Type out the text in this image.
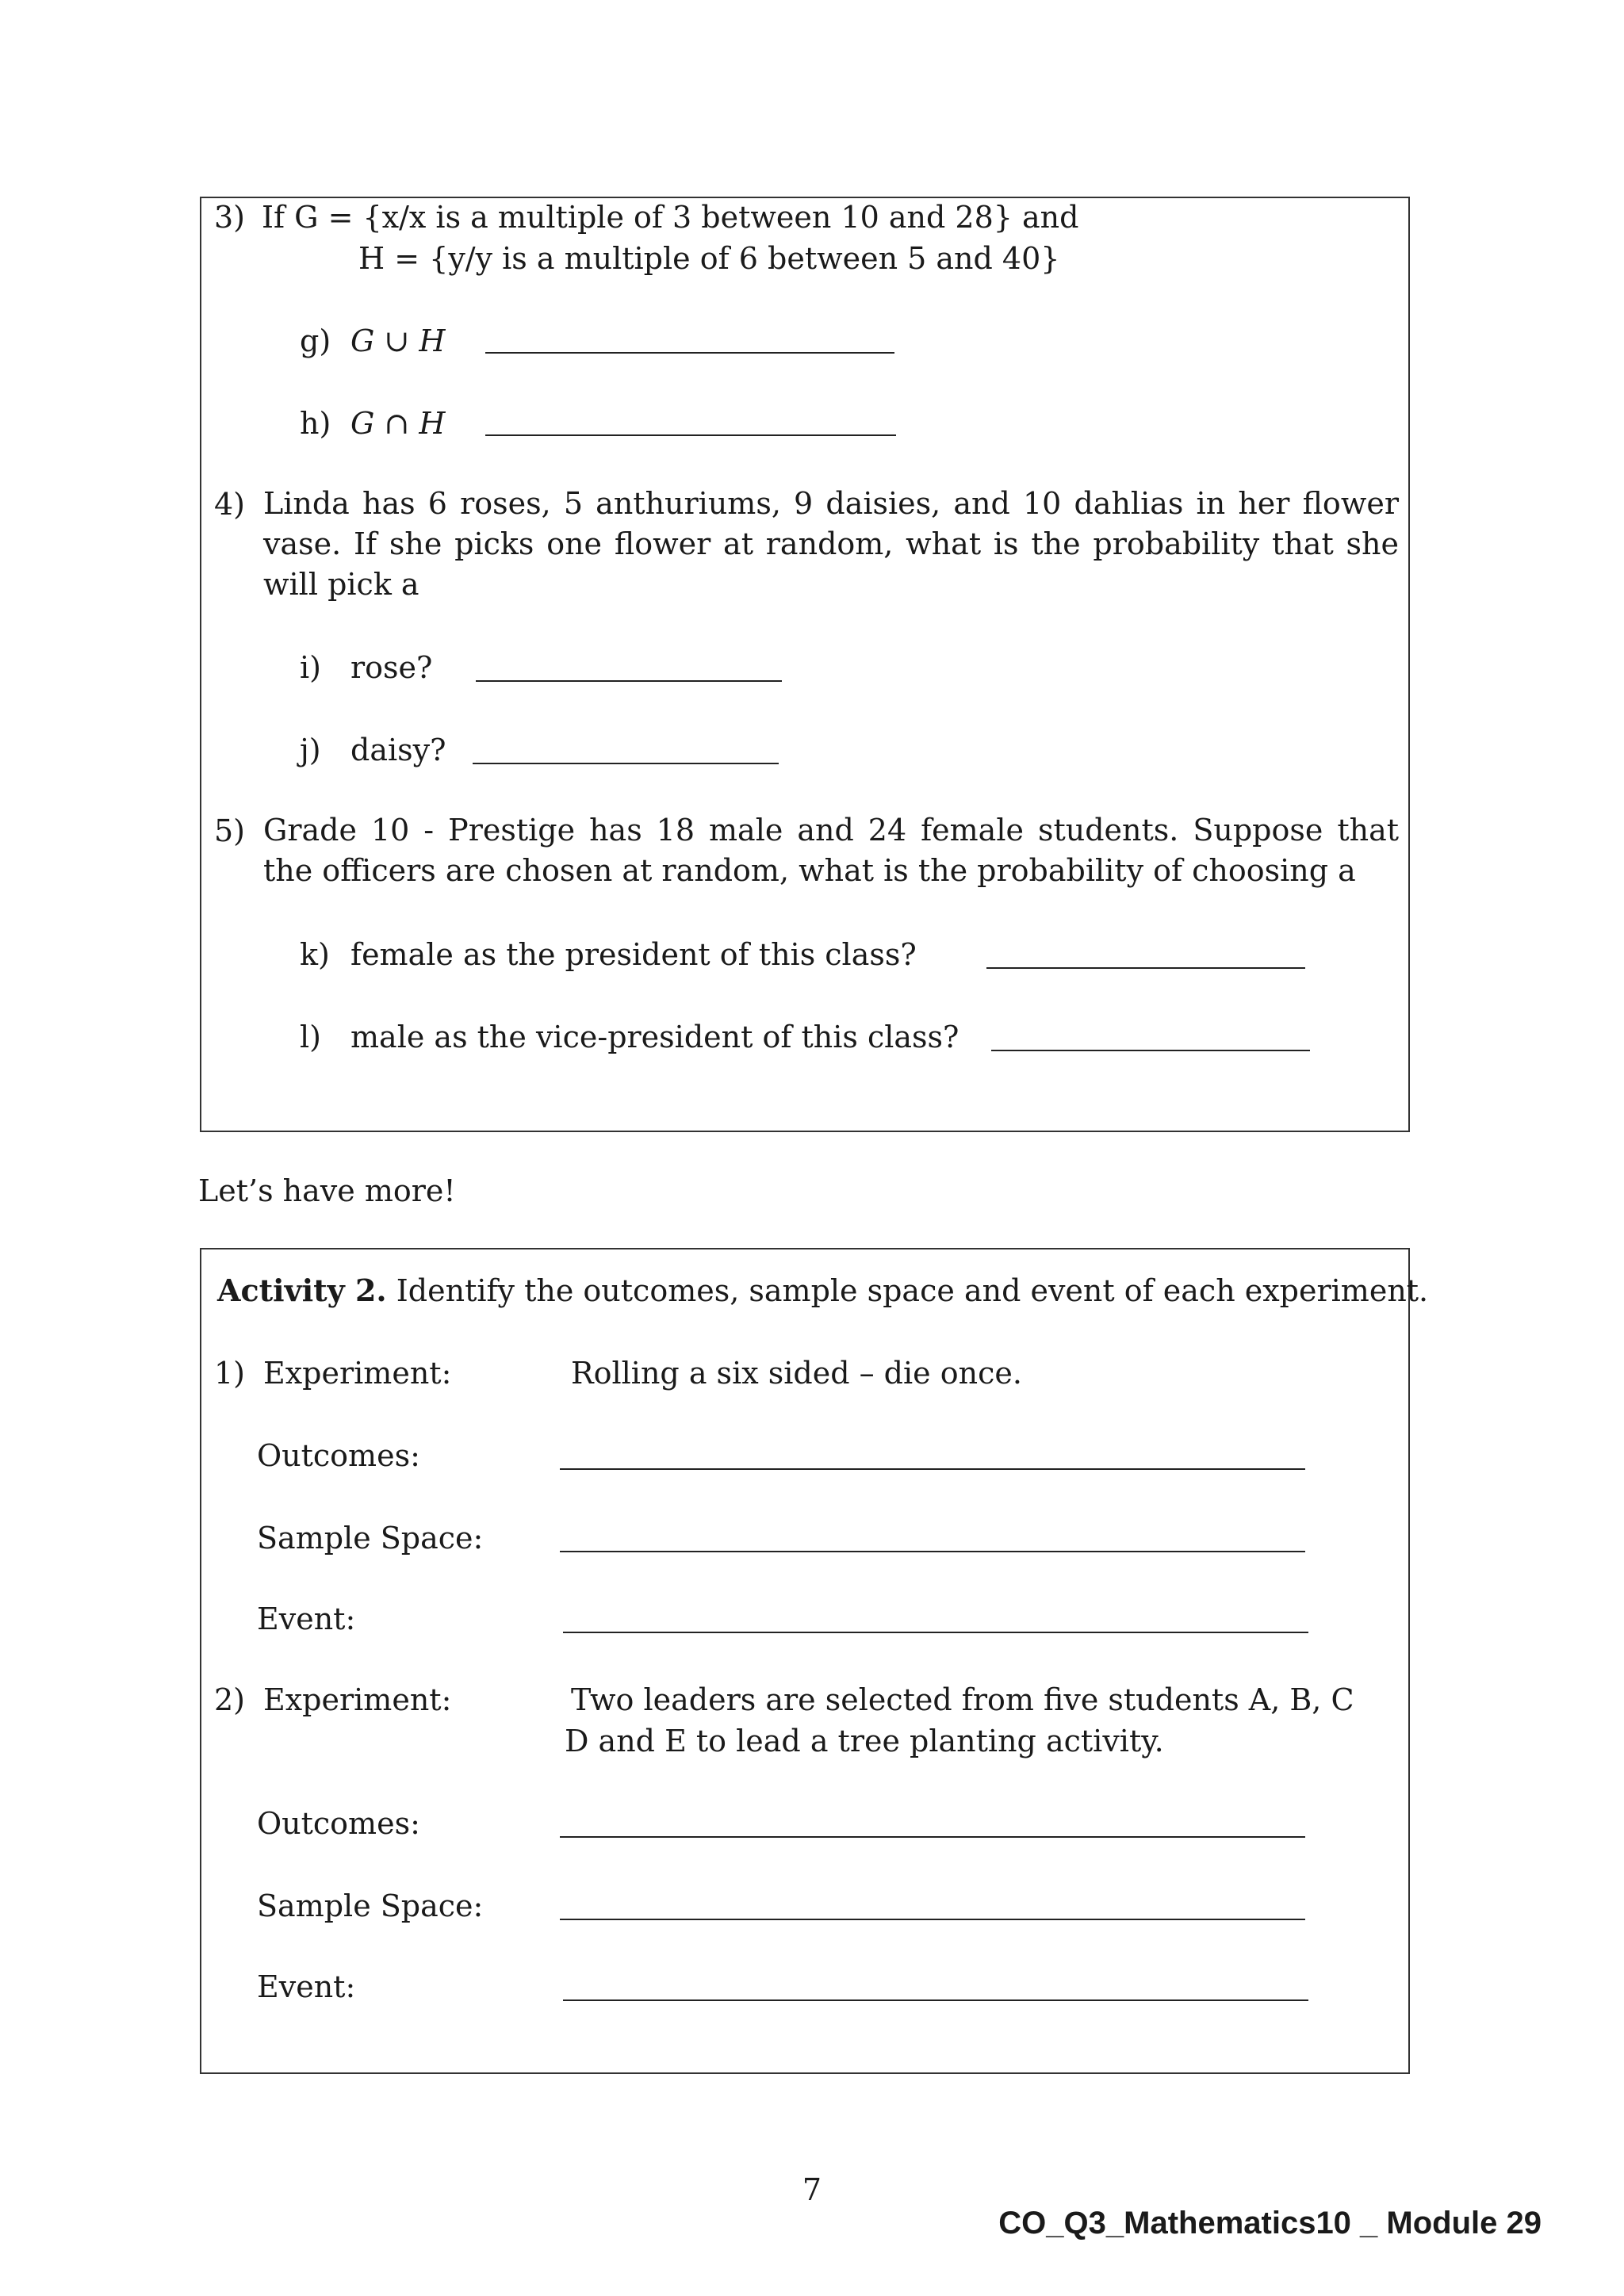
3) If G = {x/x is a multiple of 3 between 10 and 28} and
H = {y/y is a multiple of 6 between 5 and 40}
g) G ∪ H
h) G ∩ H
4) Linda has 6 roses, 5 anthuriums, 9 daisies, and 10 dahlias in her flower vase. If she picks one flower at random, what is the probability that she will pick a
i) rose?
j) daisy?
5) Grade 10 - Prestige has 18 male and 24 female students. Suppose that the officers are chosen at random, what is the probability of choosing a
k) female as the president of this class?
l) male as the vice-president of this class?
Let’s have more!
Activity 2. Identify the outcomes, sample space and event of each experiment.
1) Experiment:	Rolling a six sided – die once.
Outcomes:
Sample Space:
Event:
2) Experiment:	Two leaders are selected from five students A, B, C
D and E to lead a tree planting activity.
Outcomes:
Sample Space:
Event:
7
CO_Q3_Mathematics10 _ Module 29
